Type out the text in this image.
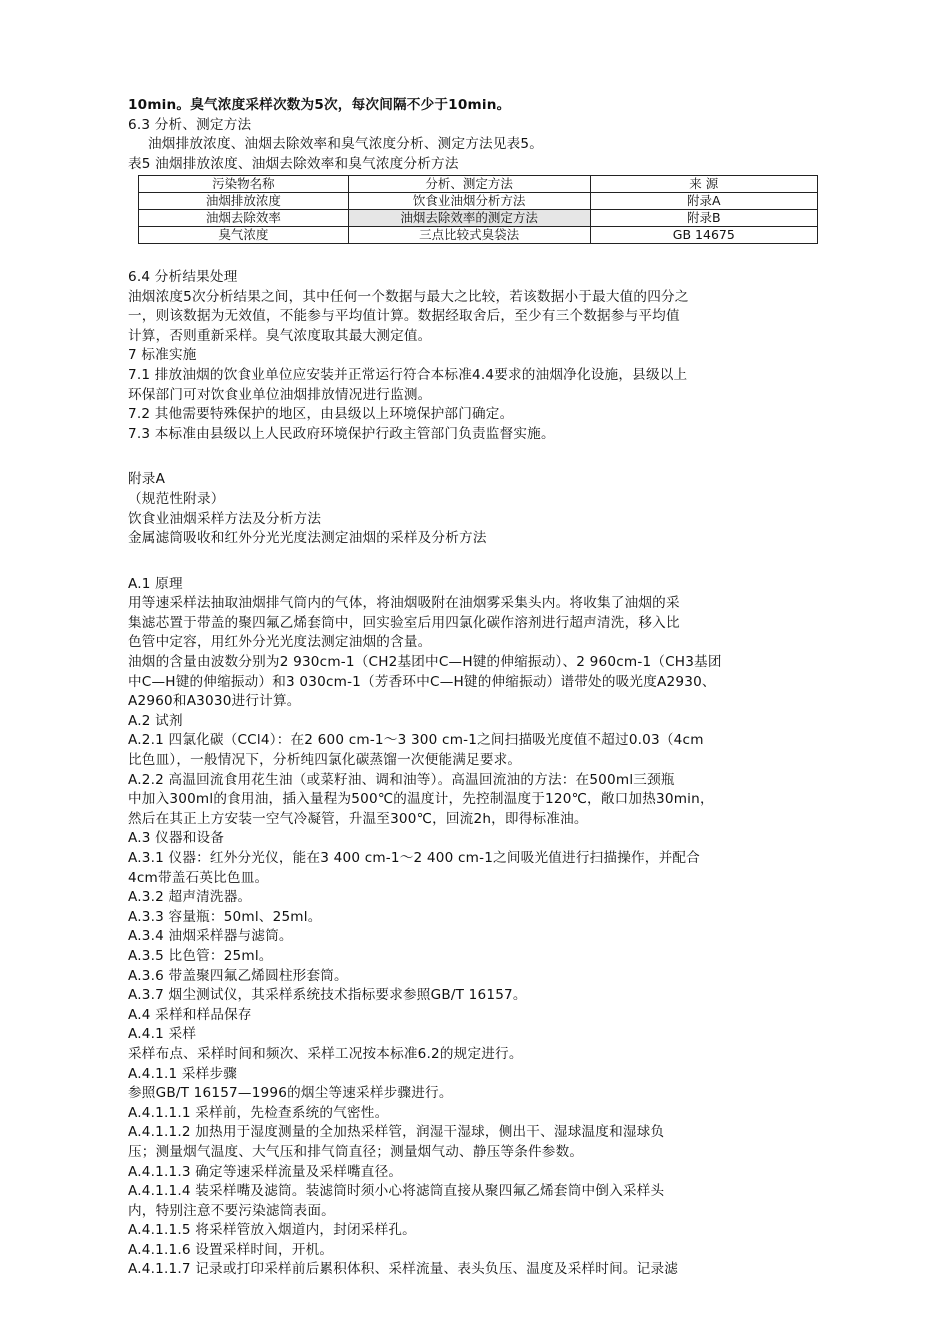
10min。臭气浓度采样次数为5次，每次间隔不少于10min。
6.3 分析、测定方法
油烟排放浓度、油烟去除效率和臭气浓度分析、测定方法见表5。
表5 油烟排放浓度、油烟去除效率和臭气浓度分析方法
污染物名称	分析、测定方法	来 源
油烟排放浓度	饮食业油烟分析方法	附录A
油烟去除效率	油烟去除效率的测定方法	附录B
臭气浓度	三点比较式臭袋法	GB 14675
6.4 分析结果处理
油烟浓度5次分析结果之间，其中任何一个数据与最大之比较，若该数据小于最大值的四分之
一，则该数据为无效值，不能参与平均值计算。数据经取舍后，至少有三个数据参与平均值
计算，否则重新采样。臭气浓度取其最大测定值。
7 标准实施
7.1 排放油烟的饮食业单位应安装并正常运行符合本标准4.4要求的油烟净化设施，县级以上
环保部门可对饮食业单位油烟排放情况进行监测。
7.2 其他需要特殊保护的地区，由县级以上环境保护部门确定。
7.3 本标准由县级以上人民政府环境保护行政主管部门负责监督实施。
附录A
（规范性附录）
饮食业油烟采样方法及分析方法
金属滤筒吸收和红外分光光度法测定油烟的采样及分析方法
A.1 原理
用等速采样法抽取油烟排气筒内的气体，将油烟吸附在油烟雾采集头内。将收集了油烟的采
集滤芯置于带盖的聚四氟乙烯套筒中，回实验室后用四氯化碳作溶剂进行超声清洗，移入比
色管中定容，用红外分光光度法测定油烟的含量。
油烟的含量由波数分别为2 930cm-1（CH2基团中C—H键的伸缩振动）、2 960cm-1（CH3基团
中C—H键的伸缩振动）和3 030cm-1（芳香环中C—H键的伸缩振动）谱带处的吸光度A2930、
A2960和A3030进行计算。
A.2 试剂
A.2.1 四氯化碳（CCl4）：在2 600 cm-1～3 300 cm-1之间扫描吸光度值不超过0.03（4cm
比色皿），一般情况下，分析纯四氯化碳蒸馏一次便能满足要求。
A.2.2 高温回流食用花生油（或菜籽油、调和油等）。高温回流油的方法：在500ml三颈瓶
中加入300ml的食用油，插入量程为500℃的温度计，先控制温度于120℃，敞口加热30min，
然后在其正上方安装一空气冷凝管，升温至300℃，回流2h，即得标准油。
A.3 仪器和设备
A.3.1 仪器：红外分光仪，能在3 400 cm-1～2 400 cm-1之间吸光值进行扫描操作，并配合
4cm带盖石英比色皿。
A.3.2 超声清洗器。
A.3.3 容量瓶：50ml、25ml。
A.3.4 油烟采样器与滤筒。
A.3.5 比色管：25ml。
A.3.6 带盖聚四氟乙烯圆柱形套筒。
A.3.7 烟尘测试仪，其采样系统技术指标要求参照GB/T 16157。
A.4 采样和样品保存
A.4.1 采样
采样布点、采样时间和频次、采样工况按本标准6.2的规定进行。
A.4.1.1 采样步骤
参照GB/T 16157—1996的烟尘等速采样步骤进行。
A.4.1.1.1 采样前，先检查系统的气密性。
A.4.1.1.2 加热用于湿度测量的全加热采样管，润湿干湿球，侧出干、湿球温度和湿球负
压；测量烟气温度、大气压和排气筒直径；测量烟气动、静压等条件参数。
A.4.1.1.3 确定等速采样流量及采样嘴直径。
A.4.1.1.4 装采样嘴及滤筒。装滤筒时须小心将滤筒直接从聚四氟乙烯套筒中倒入采样头
内，特别注意不要污染滤筒表面。
A.4.1.1.5 将采样管放入烟道内，封闭采样孔。
A.4.1.1.6 设置采样时间，开机。
A.4.1.1.7 记录或打印采样前后累积体积、采样流量、表头负压、温度及采样时间。记录滤
